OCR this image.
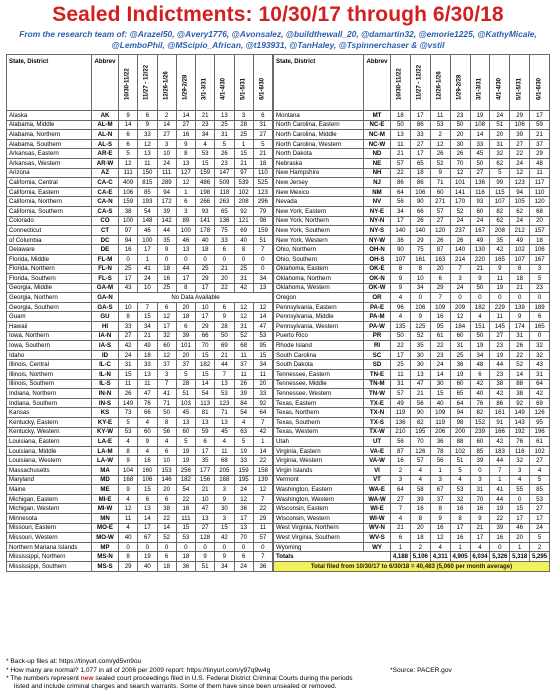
Sealed Indictments: 10/30/17 through 6/30/18
From the research team of: @Arazel50, @Avery1776, @Avonsalez, @buildthewall_20, @damartin32, @emorie1225, @KathyMicale, @LemboPhil, @MScipio_African, @t193931, @TanHaley, @Tspinnerchaser & @vstil
State, District	Abbrev	10/30-11/22	11/27 - 12/22	12/26-1/26	1/29-2/28	3/1-3/31	4/1-4/30	5/1-5/31	6/1-6/30

Alaska	AK	9	6	2	14	21	13	3	6
Alabama, Middle	AL-M	14	9	14	27	23	25	28	31
Alabama, Northern	AL-N	6	33	27	16	34	31	25	27
Alabama, Southern	AL-S	6	12	3	9	4	5	1	5
Arkansas, Eastern	AR-E	5	13	10	8	53	26	15	21
Arkansas, Western	AR-W	12	11	24	13	15	23	21	18
Arizona	AZ	111	150	111	127	159	147	97	110
California, Central	CA-C	409	815	289	12	486	509	539	525
California, Eastern	CA-E	106	85	94	1	198	118	102	123
California, Northern	CA-N	159	193	172	6	266	263	208	296
California, Southern	CA-S	38	54	39	3	93	65	92	79
Colorado	CO	100	148	142	89	141	136	121	98
Connecticut	CT	97	46	44	100	178	75	69	159
of Columbia	DC	94	100	35	46	40	33	40	51
Delaware	DE	16	17	9	13	18	6	8	7
Florida, Middle	FL-M	0	1	0	0	0	0	0	0
Florida, Northern	FL-N	25	41	18	44	25	21	25	0
Florida, Southern	FL-S	17	24	16	17	29	20	31	34
Georgia, Middle	GA-M	43	10	25	8	17	22	42	13
Georgia, Northern	GA-N	No Data Available							
Georgia, Southern	GA-S	10	7	6	20	10	6	12	12
Guam	GU	8	15	12	18	17	9	12	14
Hawaii	HI	33	34	17	6	29	28	31	47
Iowa, Northern	IA-N	27	21	32	39	66	50	52	53
Iowa, Southern	IA-S	42	49	60	101	70	69	68	95
Idaho	ID	24	18	12	20	15	21	11	15
Illinois, Central	IL-C	31	33	37	37	182	44	37	34
Illinois, Northern	IL-N	15	13	3	5	15	7	11	11
Illinois, Southern	IL-S	11	11	7	28	14	13	26	20
Indiana, Northern	IN-N	26	47	41	51	54	53	39	33
Indiana, Southern	IN-S	149	76	71	103	113	123	84	92
Kansas	KS	73	66	50	45	81	71	54	64
Kentucky, Eastern	KY-E	5	4	8	13	13	13	4	7
Kentucky, Western	KY-W	53	60	56	60	59	45	63	42
Louisiana, Eastern	LA-E	4	9	4	5	6	4	5	1
Louisiana, Middle	LA-M	8	4	6	19	17	11	19	14
Louisiana, Western	LA-W	9	16	10	19	35	68	33	22
Massachusetts	MA	104	160	153	256	177	205	159	158
Maryland	MD	168	106	146	182	156	168	195	139
Maine	ME	9	15	20	54	21	3	24	12
Michigan, Eastern	MI-E	4	6	6	22	10	9	12	7
Michigan, Western	MI-W	12	13	38	16	47	30	36	22
Minnesota	MN	11	14	22	111	13	3	17	29
Missouri, Eastern	MO-E	4	17	14	15	27	15	13	11
Missouri, Western	MO-W	40	67	52	53	128	42	70	57
Northern Mariana Islands	MP	0	0	0	0	0	0	0	0
Mississippi, Northern	MS-N	8	19	6	18	9	9	6	7
Mississippi, Southern	MS-S	29	40	18	36	51	34	24	36
State, District	Abbrev	10/30-11/22	11/27 - 12/22	12/26-1/26	1/29-2/28	3/1-3/31	4/1-4/30	5/1-5/31	6/1-6/30

Montana	MT	18	17	11	23	19	24	29	17
North Carolina, Eastern	NC-E	50	86	53	50	108	51	106	59
North Carolina, Middle	NC-M	13	33	2	20	14	20	39	21
North Carolina, Western	NC-W	11	27	12	30	33	31	27	37
North Dakota	ND	21	17	26	26	45	32	22	29
Nebraska	NE	57	65	52	70	50	62	24	48
New Hampshire	NH	22	18	9	12	27	5	12	11
New Jersey	NJ	86	86	71	101	136	99	123	117
New Mexico	NM	64	106	60	141	116	115	94	110
Nevada	NV	56	90	271	170	93	107	105	120
New York, Eastern	NY-E	34	66	57	52	60	82	62	68
New York, Northern	NY-N	17	26	27	24	24	62	24	20
New York, Southern	NY-S	140	140	120	237	167	208	212	157
New York, Western	NY-W	36	29	26	26	49	35	49	18
Ohio, Northern	OH-N	90	75	87	140	130	42	102	106
Ohio, Southern	OH-S	107	161	163	214	220	165	107	167
Oklahoma, Eastern	OK-E	8	8	20	7	21	9	8	3
Oklahoma, Northern	OK-N	9	10	6	3	9	11	18	5
Oklahoma, Western	OK-W	9	34	29	24	50	19	21	23
Oregon	OR	4	0	7	0	0	0	0	0
Pennsylvania, Eastern	PA-E	96	106	109	209	182	229	139	189
Pennsylvania, Middle	PA-M	4	9	16	12	4	11	9	6
Pennsylvania, Western	PA-W	135	125	95	184	151	145	174	165
Puerto Rico	PR	50	52	61	60	50	27	31	0
Rhode Island	RI	22	35	22	31	19	23	26	32
South Carolina	SC	17	30	23	25	34	19	22	32
South Dakota	SD	25	30	24	36	48	44	52	43
Tennessee, Eastern	TN-E	11	13	14	19	6	23	14	31
Tennessee, Middle	TN-M	31	47	30	60	42	38	88	64
Tennessee, Western	TN-W	57	21	15	65	40	42	38	42
Texas, Eastern	TX-E	49	56	40	64	76	86	92	69
Texas, Northern	TX-N	119	90	109	94	82	161	149	126
Texas, Southern	TX-S	136	82	119	98	152	91	143	95
Texas, Western	TX-W	210	195	206	200	239	166	192	196
Utah	UT	56	70	36	88	60	42	76	61
Virginia, Eastern	VA-E	87	126	78	102	85	183	116	102
Virginia, Western	VA-W	16	57	56	51	39	44	32	27
Virgin Islands	VI	2	4	1	5	0	7	3	4
Vermont	VT	3	4	3	4	3	1	4	5
Washington, Eastern	WA-E	64	58	67	53	31	41	55	85
Washington, Western	WA-W	27	39	37	32	70	44	0	53
Wisconsin, Eastern	WI-E	7	16	8	16	16	19	15	27
Wisconsin, Western	WI-W	4	8	9	8	9	22	17	17
West Virginia, Northern	WV-N	21	20	16	17	21	39	46	24
West Virginia, Southern	WV-S	6	18	12	16	17	16	20	5
Wyoming	WY	1	2	4	1	4	0	1	2
Totals		4,188	5,106	4,311	4,905	6,034	5,326	5,318	5,295
Total filed from 10/30/17 to 6/30/18 = 40,483 (5,060 per month average)									
* Back-up files at: https://tinyurl.com/yd5vn9ou
*Source: PACER.gov
* How many are normal? 1,077 in all of 2006 per 2009 report: https://tinyurl.com/y97q9w4g
* The numbers represent new sealed court proceedings filed in U.S. Federal District Criminal Courts during the periods
listed and include criminal charges and search warrants. Some of them have since been unsealed or removed.
